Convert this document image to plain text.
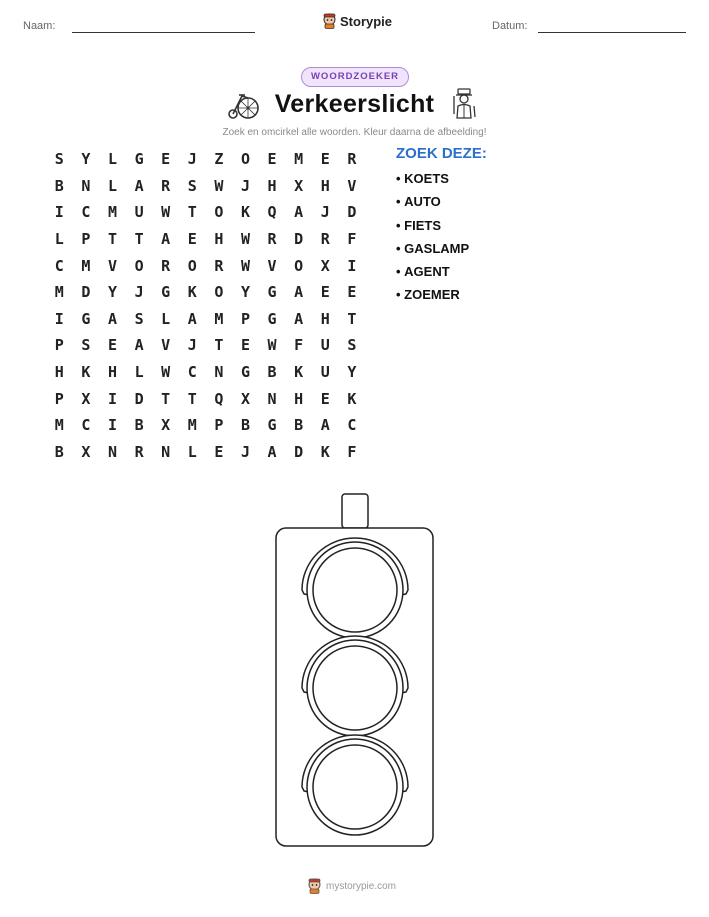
Naam:	Storypie	Datum:
WOORDZOEKER
Verkeerslicht
Zoek en omcirkel alle woorden. Kleur daarna de afbeelding!
S	Y	L	G	E	J	Z	O	E	M	E	R
B	N	L	A	R	S	W	J	H	X	H	V
I	C	M	U	W	T	O	K	Q	A	J	D
L	P	T	T	A	E	H	W	R	D	R	F
C	M	V	O	R	O	R	W	V	O	X	I
M	D	Y	J	G	K	O	Y	G	A	E	E
I	G	A	S	L	A	M	P	G	A	H	T
P	S	E	A	V	J	T	E	W	F	U	S
H	K	H	L	W	C	N	G	B	K	U	Y
P	X	I	D	T	T	Q	X	N	H	E	K
M	C	I	B	X	M	P	B	G	B	A	C
B	X	N	R	N	L	E	J	A	D	K	F
ZOEK DEZE:
• KOETS
• AUTO
• FIETS
• GASLAMP
• AGENT
• ZOEMER
mystorypie.com
